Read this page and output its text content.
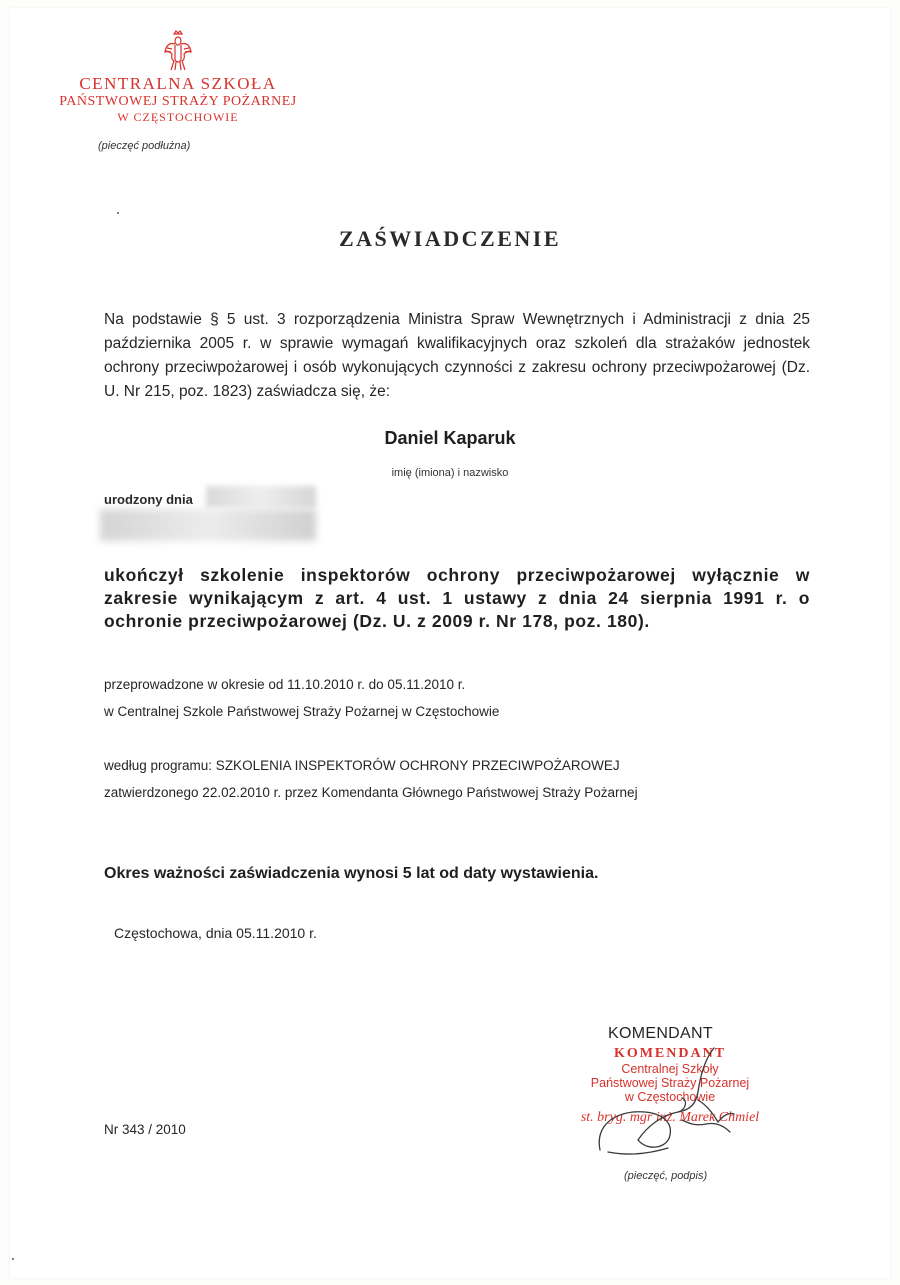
CENTRALNA SZKOŁA
PAŃSTWOWEJ STRAŻY POŻARNEJ
W CZĘSTOCHOWIE
(pieczęć podłużna)
ZAŚWIADCZENIE
Na podstawie § 5 ust. 3 rozporządzenia Ministra Spraw Wewnętrznych i Administracji z dnia 25 października 2005 r. w sprawie wymagań kwalifikacyjnych oraz szkoleń dla strażaków jednostek ochrony przeciwpożarowej i osób wykonujących czynności z zakresu ochrony przeciwpożarowej (Dz. U. Nr 215, poz. 1823) zaświadcza się, że:
Daniel Kaparuk
imię (imiona) i nazwisko
urodzony dnia
ukończył szkolenie inspektorów ochrony przeciwpożarowej wyłącznie w zakresie wynikającym z art. 4 ust. 1 ustawy z dnia 24 sierpnia 1991 r. o ochronie przeciwpożarowej (Dz. U. z 2009 r. Nr 178, poz. 180).
przeprowadzone w okresie od 11.10.2010 r. do 05.11.2010 r.
w Centralnej Szkole Państwowej Straży Pożarnej w Częstochowie
według programu: SZKOLENIA INSPEKTORÓW OCHRONY PRZECIWPOŻAROWEJ
zatwierdzonego 22.02.2010 r. przez Komendanta Głównego Państwowej Straży Pożarnej
Okres ważności zaświadczenia wynosi 5 lat od daty wystawienia.
Częstochowa, dnia 05.11.2010 r.
KOMENDANT
KOMENDANT
Centralnej Szkoły
Państwowej Straży Pożarnej
w Częstochowie
st. bryg. mgr inż. Marek Chmiel
Nr 343 / 2010
(pieczęć, podpis)
